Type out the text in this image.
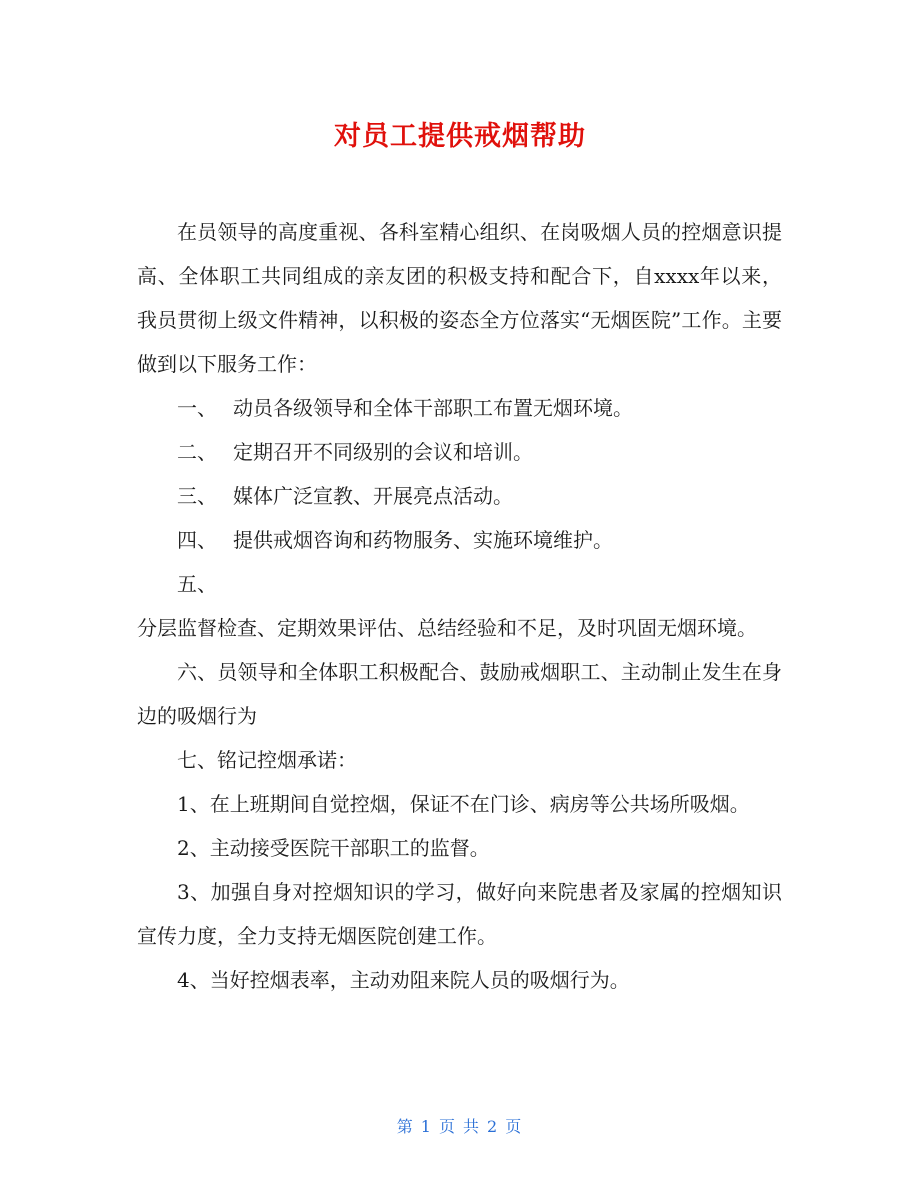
对员工提供戒烟帮助

在员领导的高度重视、各科室精心组织、在岗吸烟人员的控烟意识提高、全体职工共同组成的亲友团的积极支持和配合下，自xxxx年以来，我员贯彻上级文件精神，以积极的姿态全方位落实“无烟医院”工作。主要做到以下服务工作：

一、 动员各级领导和全体干部职工布置无烟环境。

二、 定期召开不同级别的会议和培训。

三、 媒体广泛宣教、开展亮点活动。

四、 提供戒烟咨询和药物服务、实施环境维护。

五、

分层监督检查、定期效果评估、总结经验和不足，及时巩固无烟环境。

六、员领导和全体职工积极配合、鼓励戒烟职工、主动制止发生在身边的吸烟行为

七、铭记控烟承诺：

1、在上班期间自觉控烟，保证不在门诊、病房等公共场所吸烟。

2、主动接受医院干部职工的监督。

3、加强自身对控烟知识的学习，做好向来院患者及家属的控烟知识宣传力度，全力支持无烟医院创建工作。

4、当好控烟表率，主动劝阻来院人员的吸烟行为。

第 1 页 共 2 页
